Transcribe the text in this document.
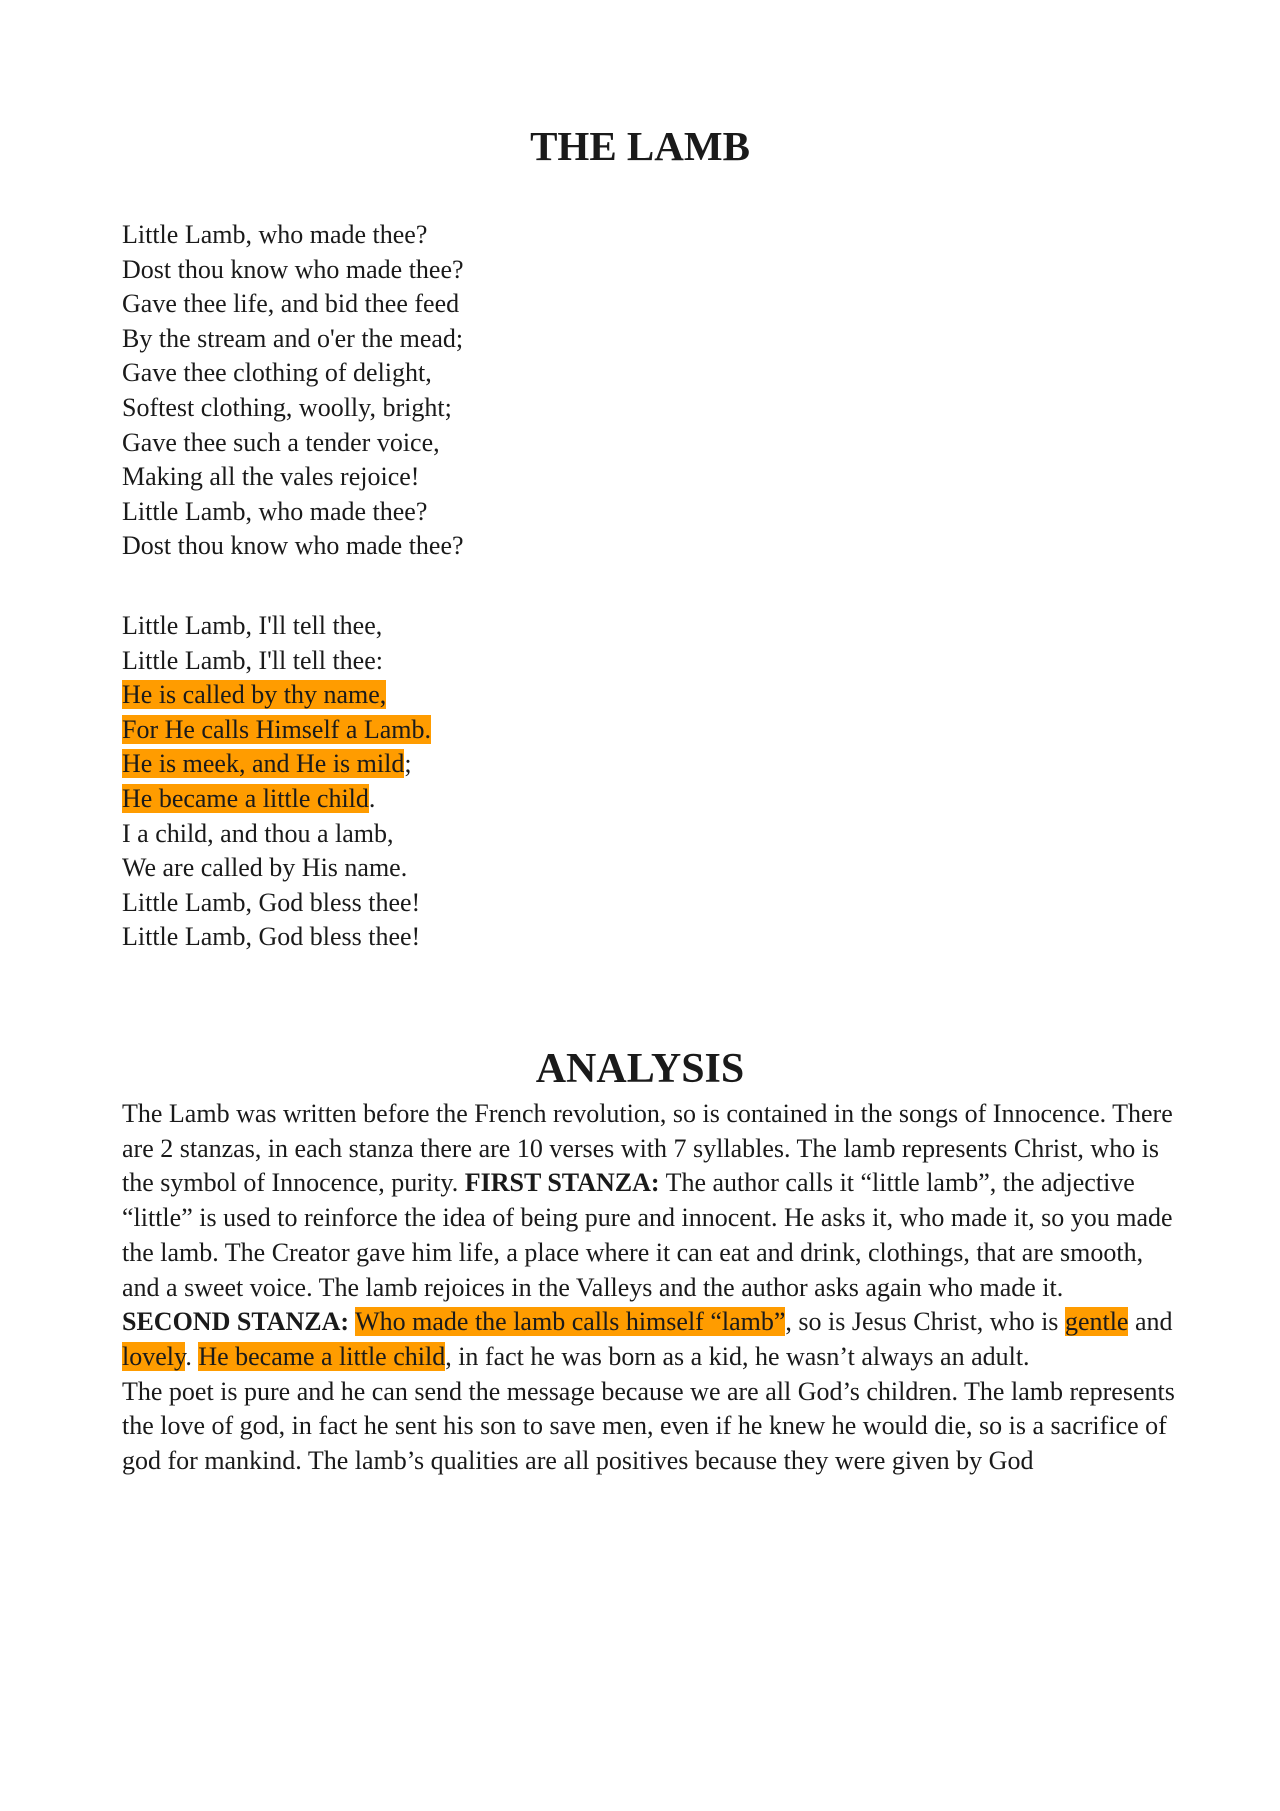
THE LAMB
Little Lamb, who made thee?
Dost thou know who made thee?
Gave thee life, and bid thee feed
By the stream and o'er the mead;
Gave thee clothing of delight,
Softest clothing, woolly, bright;
Gave thee such a tender voice,
Making all the vales rejoice!
Little Lamb, who made thee?
Dost thou know who made thee?
Little Lamb, I'll tell thee,
Little Lamb, I'll tell thee:
He is called by thy name,
For He calls Himself a Lamb.
He is meek, and He is mild;
He became a little child.
I a child, and thou a lamb,
We are called by His name.
Little Lamb, God bless thee!
Little Lamb, God bless thee!
ANALYSIS

The Lamb was written before the French revolution, so is contained in the songs of Innocence. There are 2 stanzas, in each stanza there are 10 verses with 7 syllables. The lamb represents Christ, who is the symbol of Innocence, purity. FIRST STANZA: The author calls it “little lamb”, the adjective “little” is used to reinforce the idea of being pure and innocent. He asks it, who made it, so you made the lamb. The Creator gave him life, a place where it can eat and drink, clothings, that are smooth, and a sweet voice. The lamb rejoices in the Valleys and the author asks again who made it.

SECOND STANZA: Who made the lamb calls himself “lamb”, so is Jesus Christ, who is gentle and lovely. He became a little child, in fact he was born as a kid, he wasn’t always an adult.

The poet is pure and he can send the message because we are all God’s children. The lamb represents the love of god, in fact he sent his son to save men, even if he knew he would die, so is a sacrifice of god for mankind. The lamb’s qualities are all positives because they were given by God
